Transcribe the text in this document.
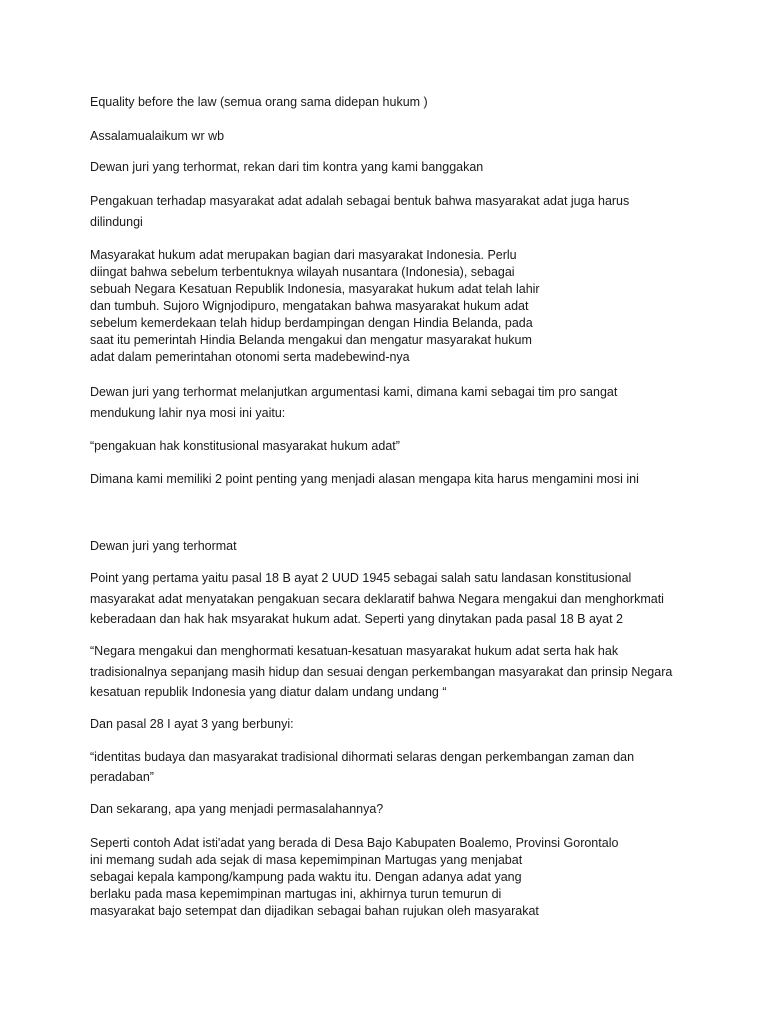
Equality before the law (semua orang sama didepan hukum )
Assalamualaikum wr wb
Dewan juri yang terhormat, rekan dari tim kontra yang kami banggakan
Pengakuan terhadap masyarakat adat adalah sebagai bentuk bahwa masyarakat adat juga harus
dilindungi
Masyarakat hukum adat merupakan bagian dari masyarakat Indonesia. Perlu
diingat bahwa sebelum terbentuknya wilayah nusantara (Indonesia), sebagai
sebuah Negara Kesatuan Republik Indonesia, masyarakat hukum adat telah lahir
dan tumbuh. Sujoro Wignjodipuro, mengatakan bahwa masyarakat hukum adat
sebelum kemerdekaan telah hidup berdampingan dengan Hindia Belanda, pada
saat itu pemerintah Hindia Belanda mengakui dan mengatur masyarakat hukum
adat dalam pemerintahan otonomi serta madebewind-nya
Dewan juri yang terhormat melanjutkan argumentasi kami, dimana kami sebagai tim pro sangat
mendukung lahir nya mosi ini yaitu:
“pengakuan hak konstitusional masyarakat hukum adat”
Dimana kami memiliki 2 point penting yang menjadi alasan mengapa kita harus mengamini mosi ini
Dewan juri yang terhormat
Point yang pertama yaitu pasal 18 B ayat 2 UUD 1945 sebagai salah satu landasan konstitusional
masyarakat adat menyatakan pengakuan secara deklaratif bahwa Negara mengakui dan menghorkmati
keberadaan dan hak hak msyarakat hukum adat. Seperti yang dinytakan pada pasal 18 B ayat 2
“Negara mengakui dan menghormati kesatuan-kesatuan masyarakat hukum adat serta hak hak
tradisionalnya sepanjang masih hidup dan sesuai dengan perkembangan masyarakat dan prinsip Negara
kesatuan republik Indonesia yang diatur dalam undang undang “
Dan pasal 28 I ayat 3 yang berbunyi:
“identitas budaya dan masyarakat tradisional dihormati selaras dengan perkembangan zaman dan
peradaban”
Dan sekarang, apa yang menjadi permasalahannya?
Seperti contoh Adat isti'adat yang berada di Desa Bajo Kabupaten Boalemo, Provinsi Gorontalo
ini memang sudah ada sejak di masa kepemimpinan Martugas yang menjabat
sebagai kepala kampong/kampung pada waktu itu. Dengan adanya adat yang
berlaku pada masa kepemimpinan martugas ini, akhirnya turun temurun di
masyarakat bajo setempat dan dijadikan sebagai bahan rujukan oleh masyarakat
